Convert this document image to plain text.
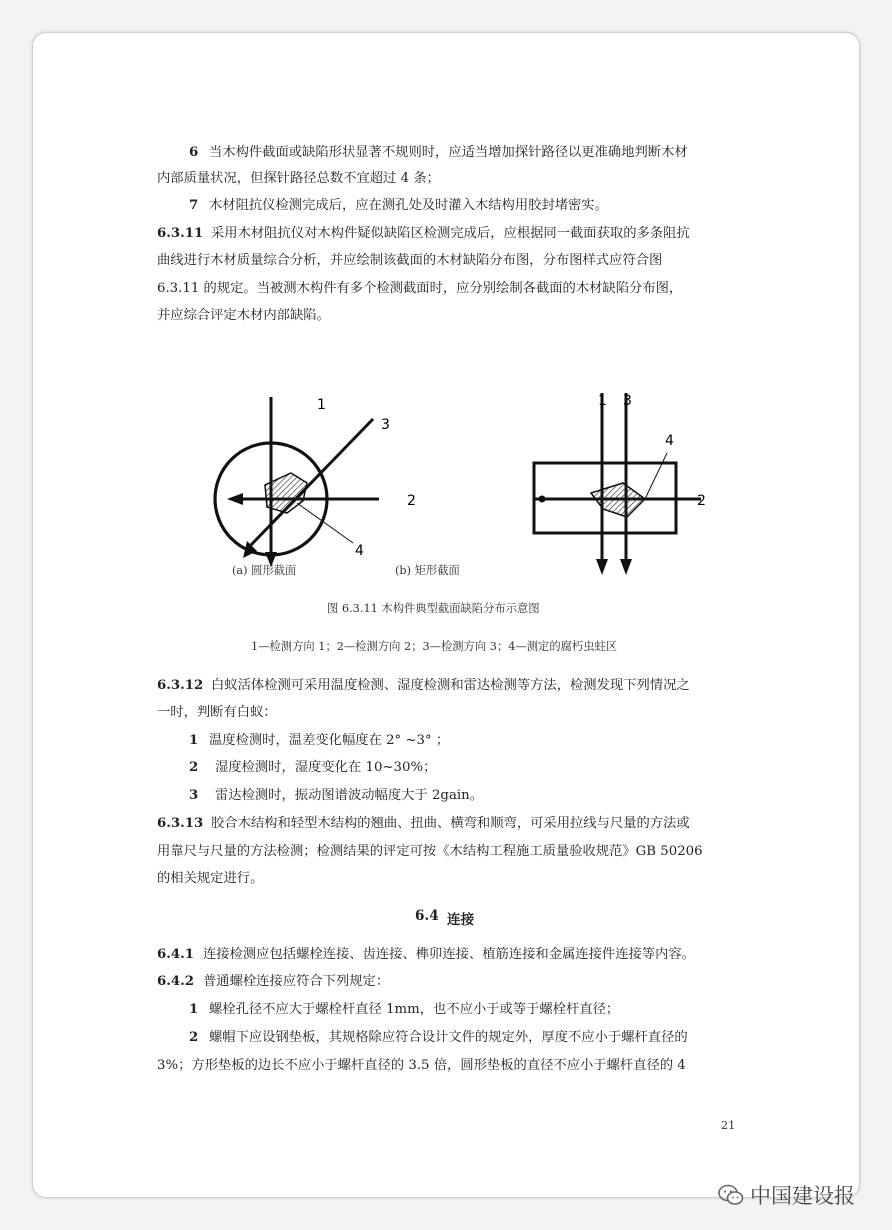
6 当木构件截面或缺陷形状显著不规则时，应适当增加探针路径以更准确地判断木材
内部质量状况，但探针路径总数不宜超过 4 条；
7 木材阻抗仪检测完成后，应在测孔处及时灌入木结构用胶封堵密实。
6.3.11 采用木材阻抗仪对木构件疑似缺陷区检测完成后，应根据同一截面获取的多条阻抗
曲线进行木材质量综合分析，并应绘制该截面的木材缺陷分布图，分布图样式应符合图
6.3.11 的规定。当被测木构件有多个检测截面时，应分别绘制各截面的木材缺陷分布图，
并应综合评定木材内部缺陷。
1
3
2
4
1 3
4
2
(a) 圆形截面	(b) 矩形截面
图 6.3.11 木构件典型截面缺陷分布示意图
1—检测方向 1；2—检测方向 2；3—检测方向 3；4—测定的腐朽虫蛀区
6.3.12 白蚁活体检测可采用温度检测、湿度检测和雷达检测等方法，检测发现下列情况之
一时，判断有白蚁：
1 温度检测时，温差变化幅度在 2° ~3° ；
2 湿度检测时，湿度变化在 10~30%；
3 雷达检测时，振动图谱波动幅度大于 2gain。
6.3.13 胶合木结构和轻型木结构的翘曲、扭曲、横弯和顺弯，可采用拉线与尺量的方法或
用靠尺与尺量的方法检测；检测结果的评定可按《木结构工程施工质量验收规范》GB 50206
的相关规定进行。
6.4 连接
6.4.1 连接检测应包括螺栓连接、齿连接、榫卯连接、植筋连接和金属连接件连接等内容。
6.4.2 普通螺栓连接应符合下列规定：
1 螺栓孔径不应大于螺栓杆直径 1mm，也不应小于或等于螺栓杆直径；
2 螺帽下应设钢垫板，其规格除应符合设计文件的规定外，厚度不应小于螺杆直径的
3%；方形垫板的边长不应小于螺杆直径的 3.5 倍，圆形垫板的直径不应小于螺杆直径的 4
21
中国建设报
